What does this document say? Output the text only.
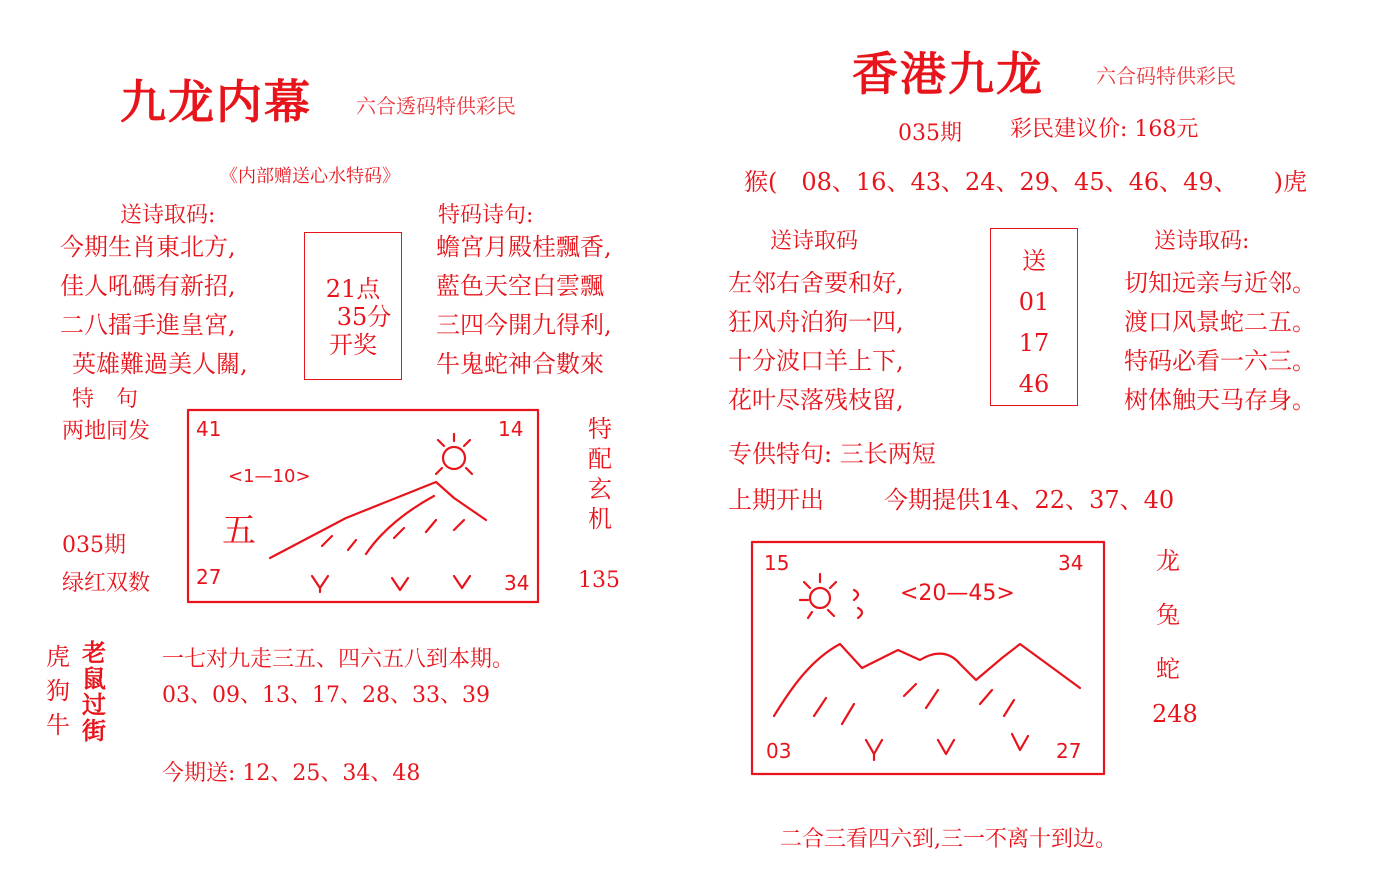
九龙内幕 六合透码特供彩民
《内部赠送心水特码》
送诗取码:
今期生肖東北方,
佳人吼碼有新招,
二八擂手進皇宮,
英雄難過美人關,
21点
35分
开奖
特码诗句:
蟾宮月殿桂飄香,
藍色天空白雲飄
三四今開九得利,
牛鬼蛇神合數來
特　句
两地同发
035期
绿红双数
41	14
27	34
<1—10>
五
特
配
玄
机
135
虎
狗
牛
老
鼠
过
街
一七对九走三五、四六五八到本期。
03、09、13、17、28、33、39
今期送: 12、25、34、48
香港九龙	六合码特供彩民
035期 彩民建议价: 168元
猴(　08、16、43、24、29、45、46、49、　　)虎
送诗取码	送诗取码:
左邻右舍要和好,
狂风舟泊狗一四,
十分波口羊上下,
花叶尽落残枝留,
送
01
17
46
切知远亲与近邻。
渡口风景蛇二五。
特码必看一六三。
树体触天马存身。
专供特句: 三长两短
上期开出	今期提供14、22、37、40
15	34
03	27
<20—45>
龙
兔
蛇
248
二合三看四六到,三一不离十到边。
